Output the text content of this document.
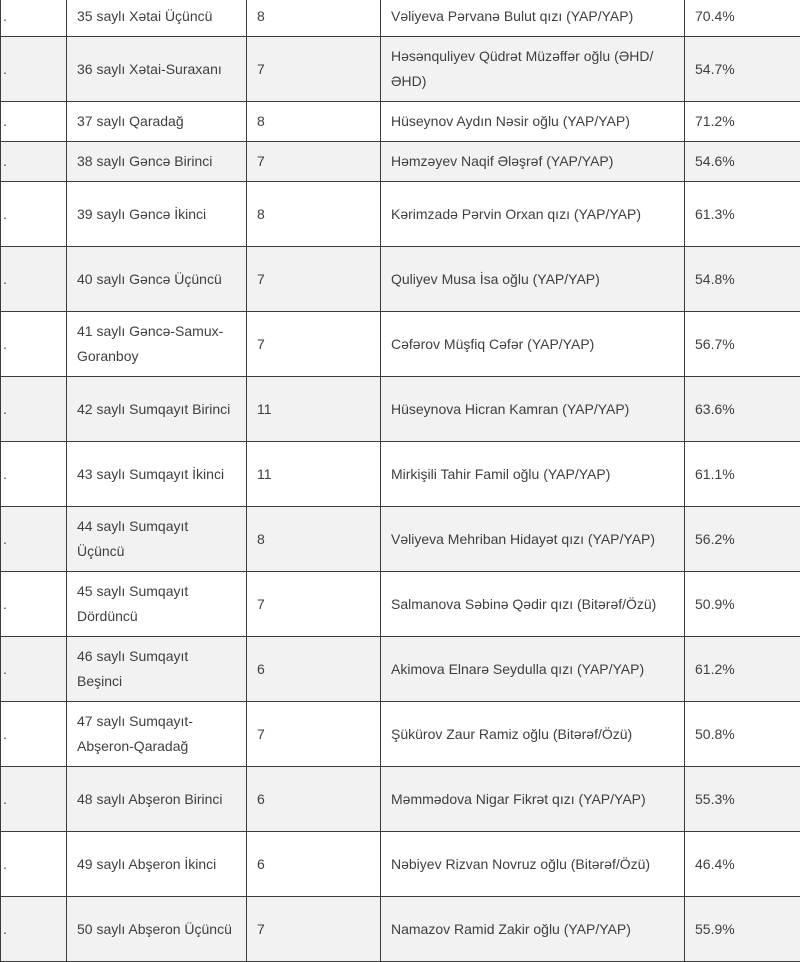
.	35 saylı Xətai Üçüncü	8	Vəliyeva Pərvanə Bulut qızı (YAP/YAP)	70.4%
.	36 saylı Xətai-Suraxanı	7	Həsənquliyev Qüdrət Müzəffər oğlu (ƏHD/ƏHD)	54.7%
.	37 saylı Qaradağ	8	Hüseynov Aydın Nəsir oğlu (YAP/YAP)	71.2%
.	38 saylı Gəncə Birinci	7	Həmzəyev Naqif Ələşrəf (YAP/YAP)	54.6%
.	39 saylı Gəncə İkinci	8	Kərimzadə Pərvin Orxan qızı (YAP/YAP)	61.3%
.	40 saylı Gəncə Üçüncü	7	Quliyev Musa İsa oğlu (YAP/YAP)	54.8%
.	41 saylı Gəncə-Samux-Goranboy	7	Cəfərov Müşfiq Cəfər (YAP/YAP)	56.7%
.	42 saylı Sumqayıt Birinci	11	Hüseynova Hicran Kamran (YAP/YAP)	63.6%
.	43 saylı Sumqayıt İkinci	11	Mirkişili Tahir Famil oğlu (YAP/YAP)	61.1%
.	44 saylı Sumqayıt Üçüncü	8	Vəliyeva Mehriban Hidayət qızı (YAP/YAP)	56.2%
.	45 saylı Sumqayıt Dördüncü	7	Salmanova Səbinə Qədir qızı (Bitərəf/Özü)	50.9%
.	46 saylı Sumqayıt Beşinci	6	Akimova Elnarə Seydulla qızı (YAP/YAP)	61.2%
.	47 saylı Sumqayıt-Abşeron-Qaradağ	7	Şükürov Zaur Ramiz oğlu (Bitərəf/Özü)	50.8%
.	48 saylı Abşeron Birinci	6	Məmmədova Nigar Fikrət qızı (YAP/YAP)	55.3%
.	49 saylı Abşeron İkinci	6	Nəbiyev Rizvan Novruz oğlu (Bitərəf/Özü)	46.4%
.	50 saylı Abşeron Üçüncü	7	Namazov Ramid Zakir oğlu (YAP/YAP)	55.9%
